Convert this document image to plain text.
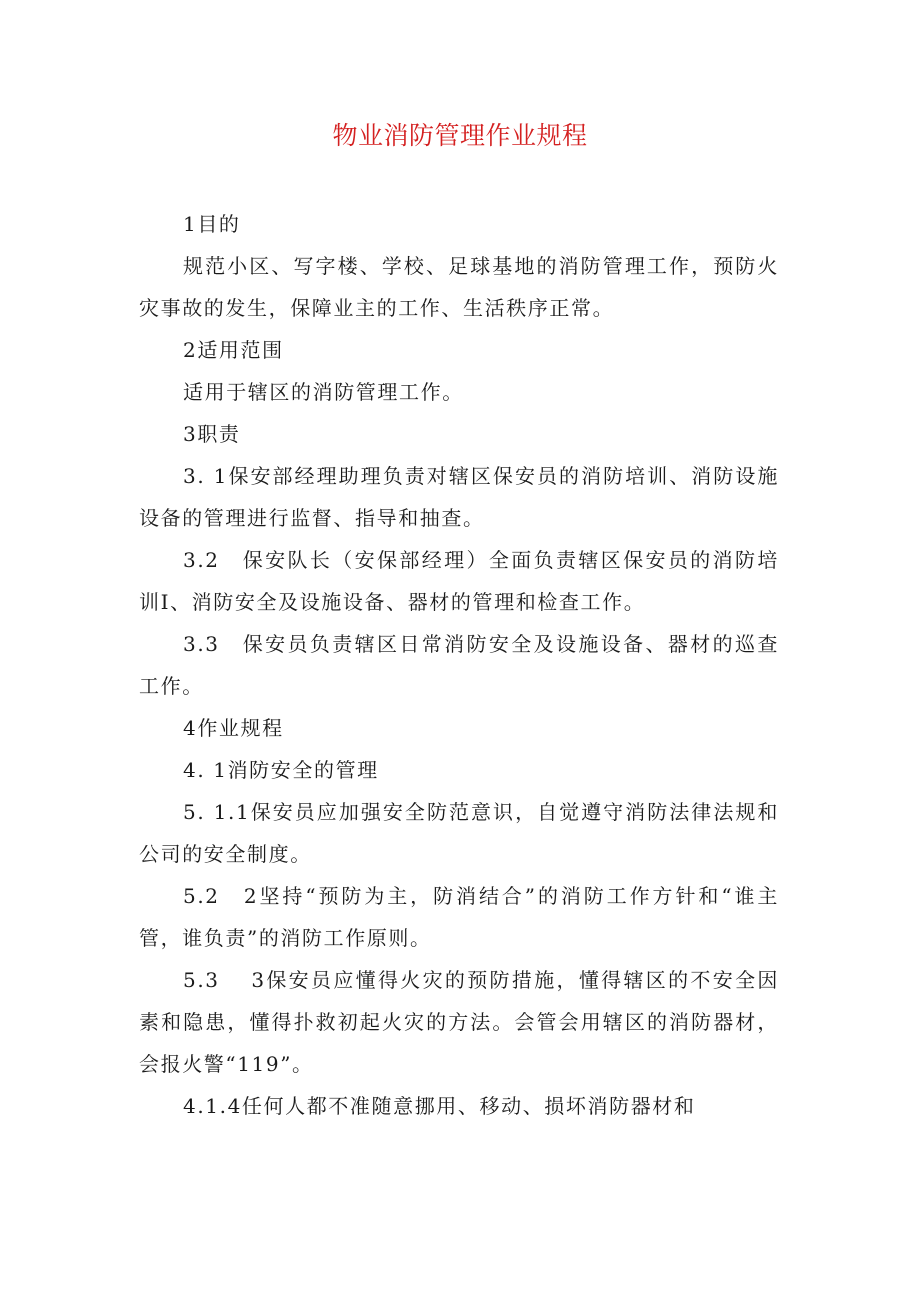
物业消防管理作业规程

1目的

规范小区、写字楼、学校、足球基地的消防管理工作，预防火灾事故的发生，保障业主的工作、生活秩序正常。

2适用范围

适用于辖区的消防管理工作。

3职责

3. 1保安部经理助理负责对辖区保安员的消防培训、消防设施设备的管理进行监督、指导和抽查。

3.2　保安队长（安保部经理）全面负责辖区保安员的消防培训I、消防安全及设施设备、器材的管理和检查工作。

3.3　保安员负责辖区日常消防安全及设施设备、器材的巡查工作。

4作业规程

4. 1消防安全的管理

5. 1.1保安员应加强安全防范意识，自觉遵守消防法律法规和公司的安全制度。

5.2　2坚持“预防为主，防消结合”的消防工作方针和“谁主管，谁负责”的消防工作原则。

5.3　 3保安员应懂得火灾的预防措施，懂得辖区的不安全因素和隐患，懂得扑救初起火灾的方法。会管会用辖区的消防器材，会报火警“119”。

4.1.4任何人都不准随意挪用、移动、损坏消防器材和
